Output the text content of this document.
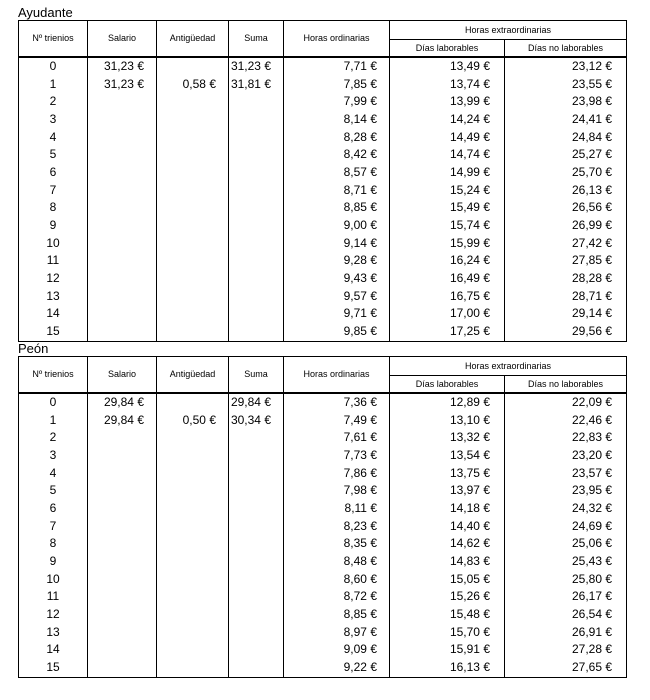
Ayudante
Nº trienios	Salario	Antigüedad	Suma	Horas ordinarias	Horas extraordinarias	
					Días laborables	Días no laborables
0	31,23 €		31,23 €	7,71 €	13,49 €	23,12 €
1	31,23 €	0,58 €	31,81 €	7,85 €	13,74 €	23,55 €
2				7,99 €	13,99 €	23,98 €
3				8,14 €	14,24 €	24,41 €
4				8,28 €	14,49 €	24,84 €
5				8,42 €	14,74 €	25,27 €
6				8,57 €	14,99 €	25,70 €
7				8,71 €	15,24 €	26,13 €
8				8,85 €	15,49 €	26,56 €
9				9,00 €	15,74 €	26,99 €
10				9,14 €	15,99 €	27,42 €
11				9,28 €	16,24 €	27,85 €
12				9,43 €	16,49 €	28,28 €
13				9,57 €	16,75 €	28,71 €
14				9,71 €	17,00 €	29,14 €
15				9,85 €	17,25 €	29,56 €
Peón
Nº trienios	Salario	Antigüedad	Suma	Horas ordinarias	Horas extraordinarias	
					Días laborables	Días no laborables
0	29,84 €		29,84 €	7,36 €	12,89 €	22,09 €
1	29,84 €	0,50 €	30,34 €	7,49 €	13,10 €	22,46 €
2				7,61 €	13,32 €	22,83 €
3				7,73 €	13,54 €	23,20 €
4				7,86 €	13,75 €	23,57 €
5				7,98 €	13,97 €	23,95 €
6				8,11 €	14,18 €	24,32 €
7				8,23 €	14,40 €	24,69 €
8				8,35 €	14,62 €	25,06 €
9				8,48 €	14,83 €	25,43 €
10				8,60 €	15,05 €	25,80 €
11				8,72 €	15,26 €	26,17 €
12				8,85 €	15,48 €	26,54 €
13				8,97 €	15,70 €	26,91 €
14				9,09 €	15,91 €	27,28 €
15				9,22 €	16,13 €	27,65 €
